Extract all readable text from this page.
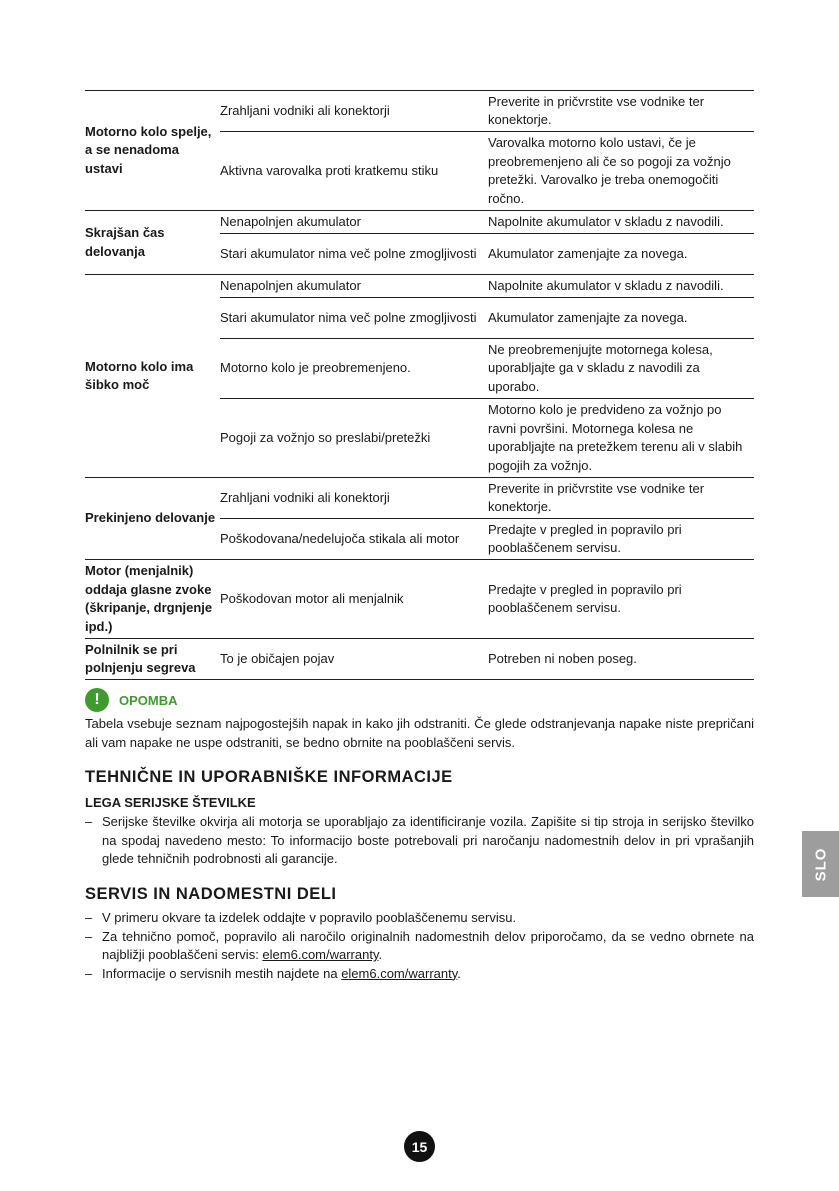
Motorno kolo spelje, a se nenadoma ustavi	Zrahljani vodniki ali konektorji	Preverite in pričvrstite vse vodnike ter konektorje.
	Aktivna varovalka proti kratkemu stiku	Varovalka motorno kolo ustavi, če je preobremenjeno ali če so pogoji za vožnjo pretežki. Varovalko je treba onemogočiti ročno.
Skrajšan čas delovanja	Nenapolnjen akumulator	Napolnite akumulator v skladu z navodili.
	Stari akumulator nima več polne zmogljivosti	Akumulator zamenjajte za novega.
Motorno kolo ima šibko moč	Nenapolnjen akumulator	Napolnite akumulator v skladu z navodili.
	Stari akumulator nima več polne zmogljivosti	Akumulator zamenjajte za novega.
	Motorno kolo je preobremenjeno.	Ne preobremenjujte motornega kolesa, uporabljajte ga v skladu z navodili za uporabo.
	Pogoji za vožnjo so preslabi/pretežki	Motorno kolo je predvideno za vožnjo po ravni površini. Motornega kolesa ne uporabljajte na pretežkem terenu ali v slabih pogojih za vožnjo.
Prekinjeno delovanje	Zrahljani vodniki ali konektorji	Preverite in pričvrstite vse vodnike ter konektorje.
	Poškodovana/nedelujoča stikala ali motor	Predajte v pregled in popravilo pri pooblaščenem servisu.
Motor (menjalnik) oddaja glasne zvoke (škripanje, drgnjenje ipd.)	Poškodovan motor ali menjalnik	Predajte v pregled in popravilo pri pooblaščenem servisu.
Polnilnik se pri polnjenju segreva	To je običajen pojav	Potreben ni noben poseg.
!	OPOMBA
Tabela vsebuje seznam najpogostejših napak in kako jih odstraniti. Če glede odstranjevanja napake niste prepričani ali vam napake ne uspe odstraniti, se bedno obrnite na pooblaščeni servis.
TEHNIČNE IN UPORABNIŠKE INFORMACIJE
LEGA SERIJSKE ŠTEVILKE
– Serijske številke okvirja ali motorja se uporabljajo za identificiranje vozila. Zapišite si tip stroja in serijsko številko na spodaj navedeno mesto: To informacijo boste potrebovali pri naročanju nadomestnih delov in pri vprašanjih glede tehničnih podrobnosti ali garancije.
SERVIS IN NADOMESTNI DELI
– V primeru okvare ta izdelek oddajte v popravilo pooblaščenemu servisu.
– Za tehnično pomoč, popravilo ali naročilo originalnih nadomestnih delov priporočamo, da se vedno obrnete na najbližji pooblaščeni servis: elem6.com/warranty.
– Informacije o servisnih mestih najdete na elem6.com/warranty.
SLO
15
